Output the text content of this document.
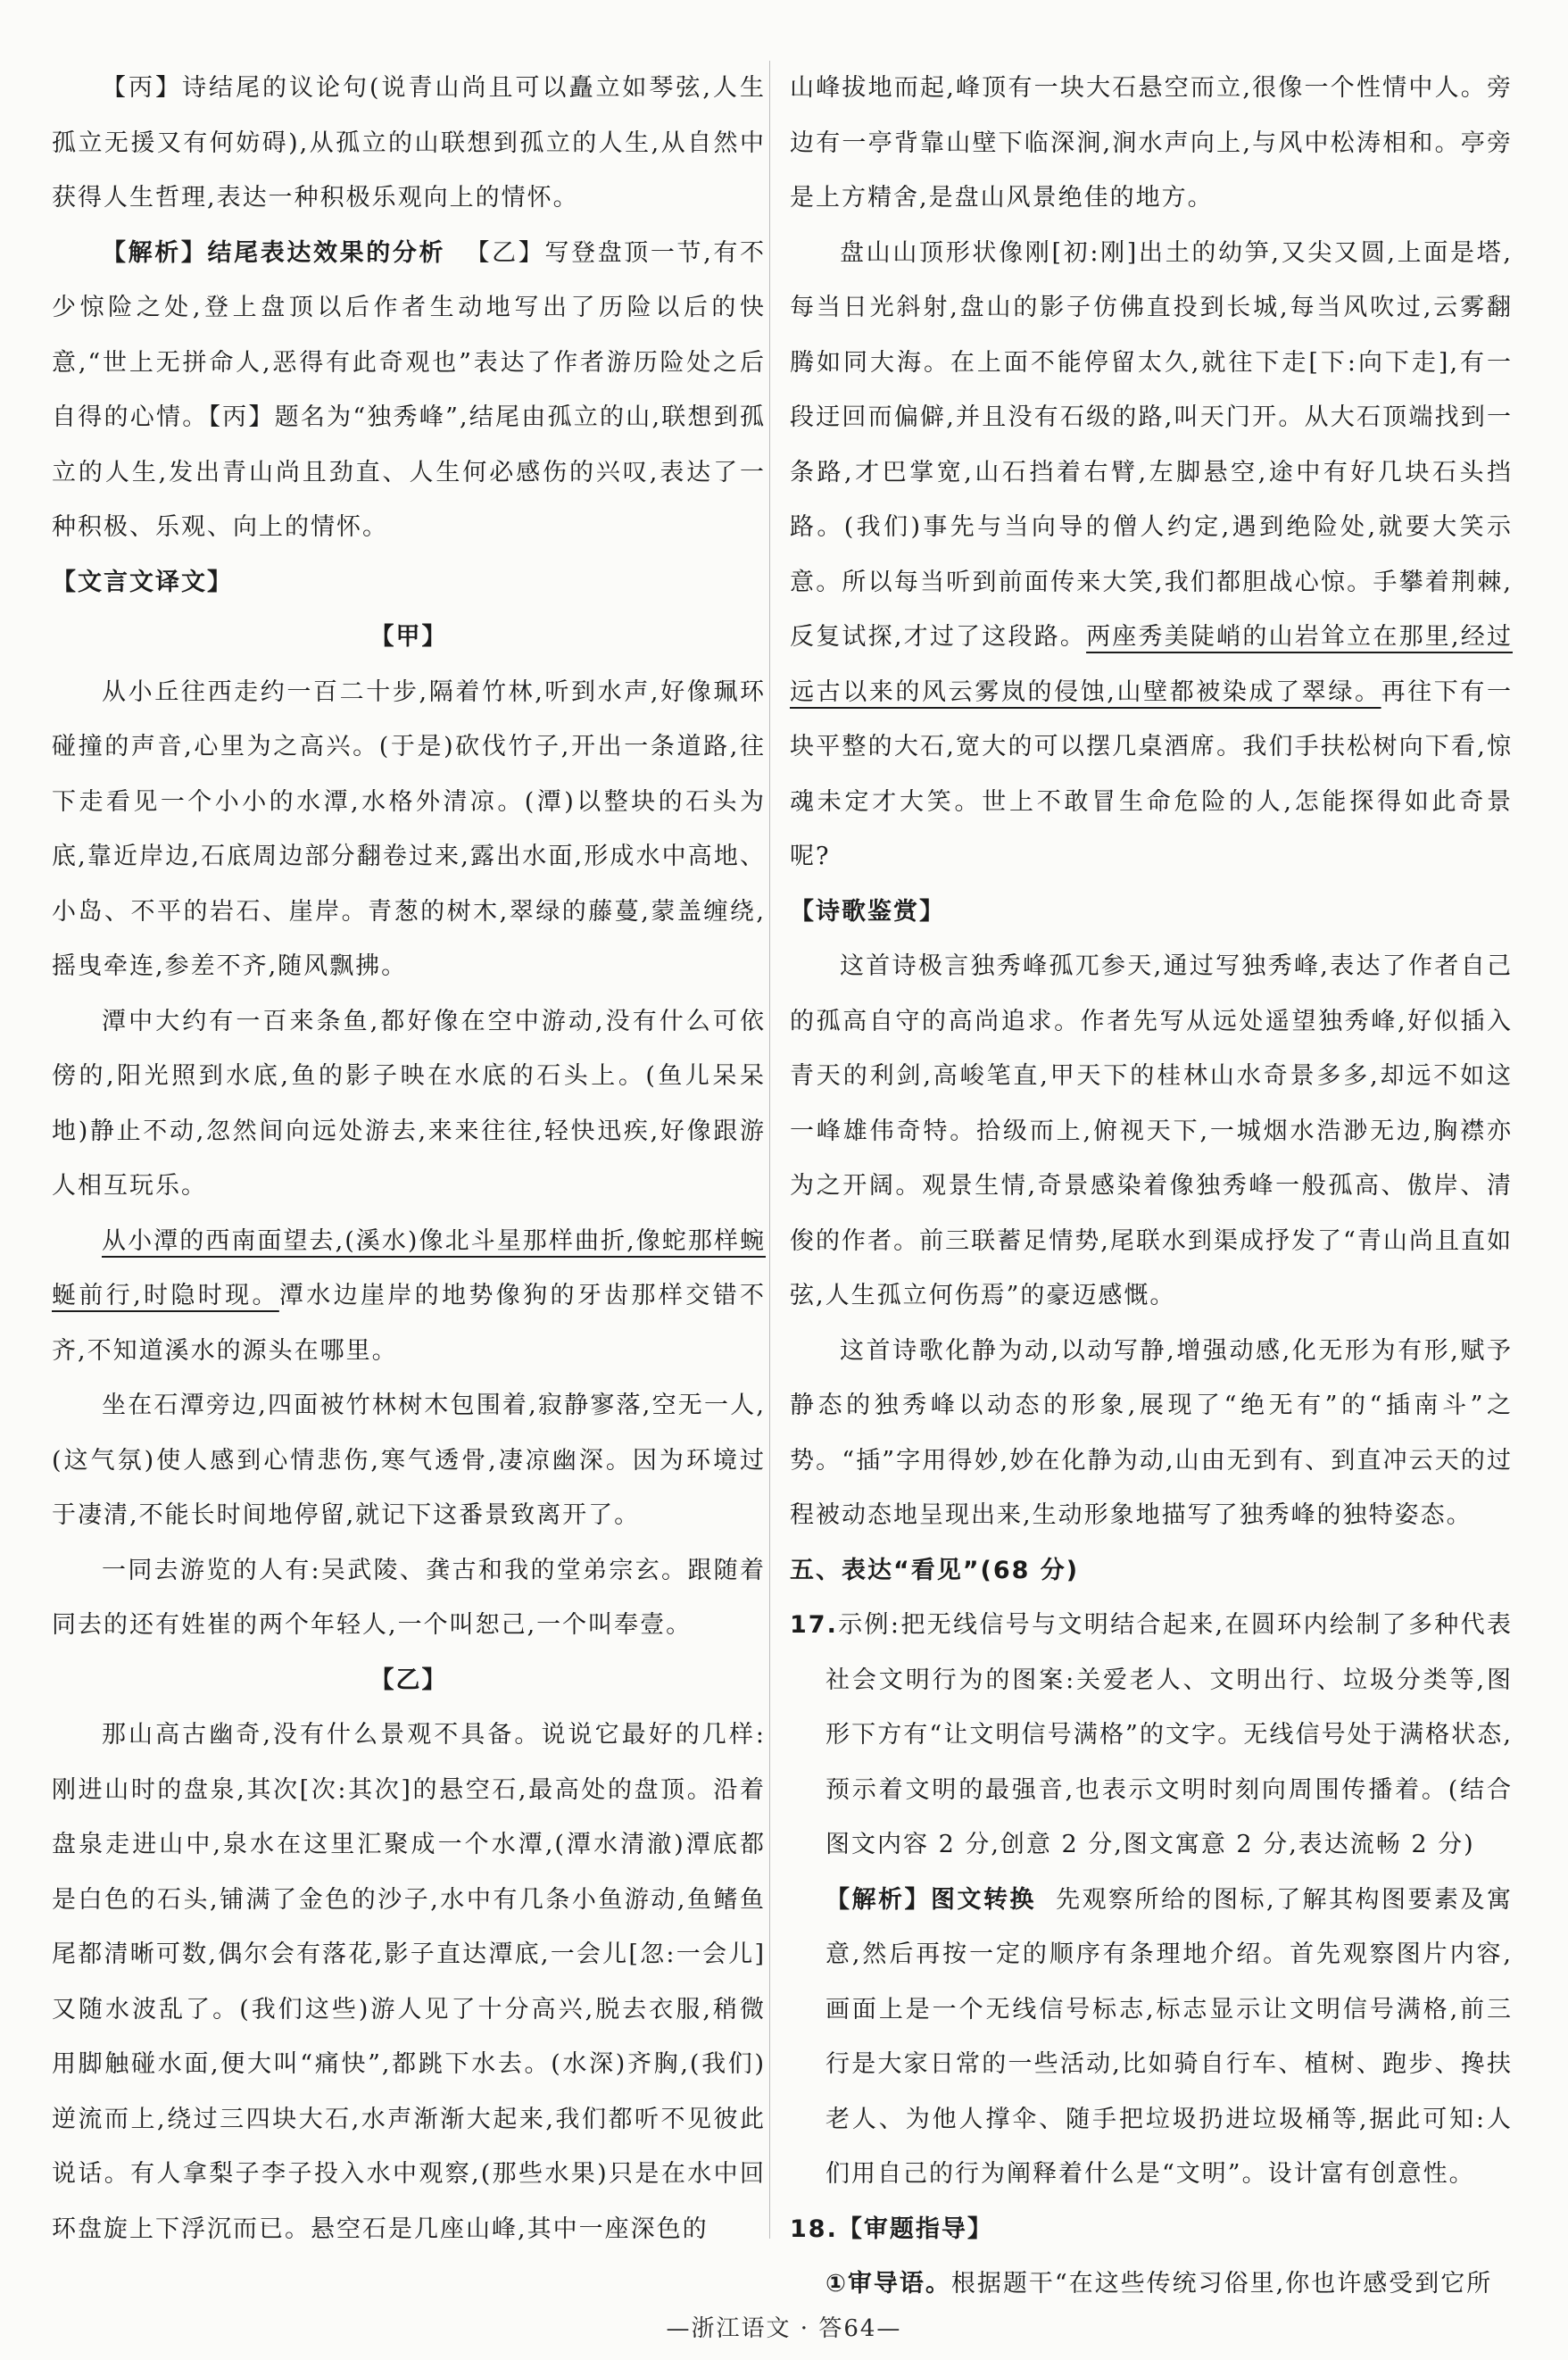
【丙】诗结尾的议论句(说青山尚且可以矗立如琴弦,人生孤立无援又有何妨碍),从孤立的山联想到孤立的人生,从自然中获得人生哲理,表达一种积极乐观向上的情怀。

【解析】结尾表达效果的分析 【乙】写登盘顶一节,有不少惊险之处,登上盘顶以后作者生动地写出了历险以后的快意,“世上无拼命人,恶得有此奇观也”表达了作者游历险处之后自得的心情。【丙】题名为“独秀峰”,结尾由孤立的山,联想到孤立的人生,发出青山尚且劲直、人生何必感伤的兴叹,表达了一种积极、乐观、向上的情怀。

【文言文译文】

【甲】

从小丘往西走约一百二十步,隔着竹林,听到水声,好像珮环碰撞的声音,心里为之高兴。(于是)砍伐竹子,开出一条道路,往下走看见一个小小的水潭,水格外清凉。(潭)以整块的石头为底,靠近岸边,石底周边部分翻卷过来,露出水面,形成水中高地、小岛、不平的岩石、崖岸。青葱的树木,翠绿的藤蔓,蒙盖缠绕,摇曳牵连,参差不齐,随风飘拂。

潭中大约有一百来条鱼,都好像在空中游动,没有什么可依傍的,阳光照到水底,鱼的影子映在水底的石头上。(鱼儿呆呆地)静止不动,忽然间向远处游去,来来往往,轻快迅疾,好像跟游人相互玩乐。

从小潭的西南面望去,(溪水)像北斗星那样曲折,像蛇那样蜿蜒前行,时隐时现。潭水边崖岸的地势像狗的牙齿那样交错不齐,不知道溪水的源头在哪里。

坐在石潭旁边,四面被竹林树木包围着,寂静寥落,空无一人,(这气氛)使人感到心情悲伤,寒气透骨,凄凉幽深。因为环境过于凄清,不能长时间地停留,就记下这番景致离开了。

一同去游览的人有:吴武陵、龚古和我的堂弟宗玄。跟随着同去的还有姓崔的两个年轻人,一个叫恕己,一个叫奉壹。

【乙】

那山高古幽奇,没有什么景观不具备。说说它最好的几样:刚进山时的盘泉,其次[次:其次]的悬空石,最高处的盘顶。沿着盘泉走进山中,泉水在这里汇聚成一个水潭,(潭水清澈)潭底都是白色的石头,铺满了金色的沙子,水中有几条小鱼游动,鱼鳍鱼尾都清晰可数,偶尔会有落花,影子直达潭底,一会儿[忽:一会儿]又随水波乱了。(我们这些)游人见了十分高兴,脱去衣服,稍微用脚触碰水面,便大叫“痛快”,都跳下水去。(水深)齐胸,(我们)逆流而上,绕过三四块大石,水声渐渐大起来,我们都听不见彼此说话。有人拿梨子李子投入水中观察,(那些水果)只是在水中回环盘旋上下浮沉而已。悬空石是几座山峰,其中一座深色的

山峰拔地而起,峰顶有一块大石悬空而立,很像一个性情中人。旁边有一亭背靠山壁下临深涧,涧水声向上,与风中松涛相和。亭旁是上方精舍,是盘山风景绝佳的地方。

盘山山顶形状像刚[初:刚]出土的幼笋,又尖又圆,上面是塔,每当日光斜射,盘山的影子仿佛直投到长城,每当风吹过,云雾翻腾如同大海。在上面不能停留太久,就往下走[下:向下走],有一段迂回而偏僻,并且没有石级的路,叫天门开。从大石顶端找到一条路,才巴掌宽,山石挡着右臂,左脚悬空,途中有好几块石头挡路。(我们)事先与当向导的僧人约定,遇到绝险处,就要大笑示意。所以每当听到前面传来大笑,我们都胆战心惊。手攀着荆棘,反复试探,才过了这段路。两座秀美陡峭的山岩耸立在那里,经过远古以来的风云雾岚的侵蚀,山壁都被染成了翠绿。再往下有一块平整的大石,宽大的可以摆几桌酒席。我们手扶松树向下看,惊魂未定才大笑。世上不敢冒生命危险的人,怎能探得如此奇景呢?

【诗歌鉴赏】

这首诗极言独秀峰孤兀参天,通过写独秀峰,表达了作者自己的孤高自守的高尚追求。作者先写从远处遥望独秀峰,好似插入青天的利剑,高峻笔直,甲天下的桂林山水奇景多多,却远不如这一峰雄伟奇特。拾级而上,俯视天下,一城烟水浩渺无边,胸襟亦为之开阔。观景生情,奇景感染着像独秀峰一般孤高、傲岸、清俊的作者。前三联蓄足情势,尾联水到渠成抒发了“青山尚且直如弦,人生孤立何伤焉”的豪迈感慨。

这首诗歌化静为动,以动写静,增强动感,化无形为有形,赋予静态的独秀峰以动态的形象,展现了“绝无有”的“插南斗”之势。“插”字用得妙,妙在化静为动,山由无到有、到直冲云天的过程被动态地呈现出来,生动形象地描写了独秀峰的独特姿态。

五、表达“看见”(68 分)

17.示例:把无线信号与文明结合起来,在圆环内绘制了多种代表社会文明行为的图案:关爱老人、文明出行、垃圾分类等,图形下方有“让文明信号满格”的文字。无线信号处于满格状态,预示着文明的最强音,也表示文明时刻向周围传播着。(结合图文内容 2 分,创意 2 分,图文寓意 2 分,表达流畅 2 分)

【解析】图文转换 先观察所给的图标,了解其构图要素及寓意,然后再按一定的顺序有条理地介绍。首先观察图片内容,画面上是一个无线信号标志,标志显示让文明信号满格,前三行是大家日常的一些活动,比如骑自行车、植树、跑步、搀扶老人、为他人撑伞、随手把垃圾扔进垃圾桶等,据此可知:人们用自己的行为阐释着什么是“文明”。设计富有创意性。

18.【审题指导】

①审导语。根据题干“在这些传统习俗里,你也许感受到它所

—浙江语文 · 答64—
